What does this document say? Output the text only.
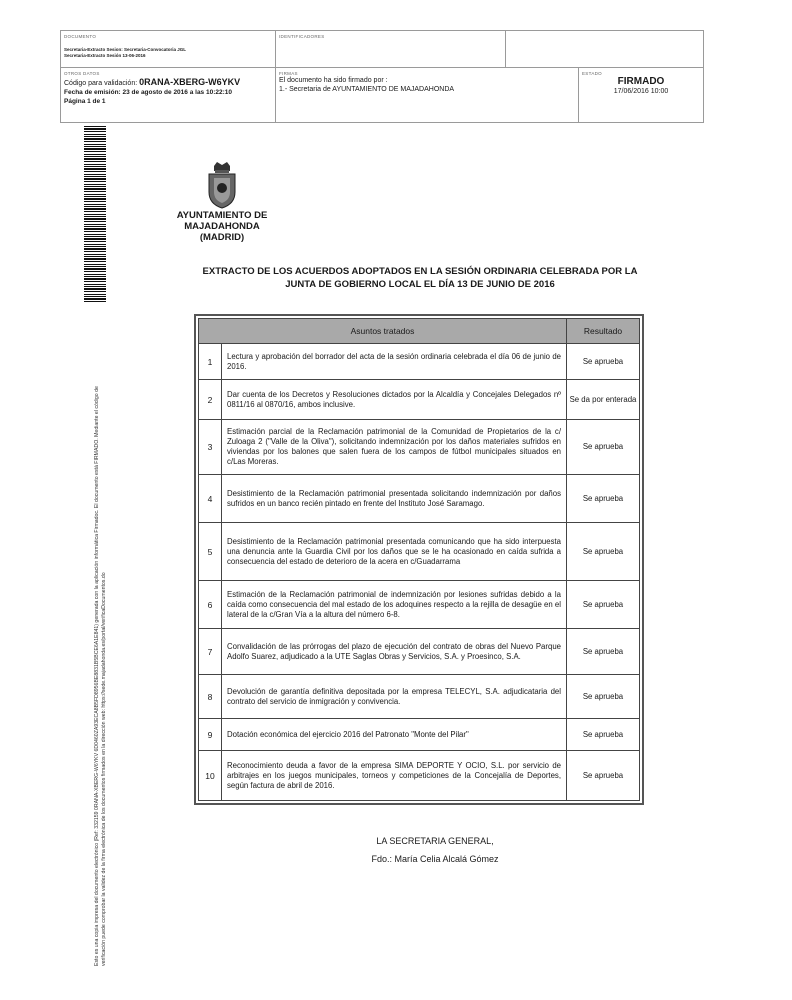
DOCUMENTO
Secretaria-Extracto Sesion: Secretaria-Convocatoria JGL
Secretaria-Extracto Sesión 13-06-2016
IDENTIFICADORES
OTROS DATOS
Código para validación: 0RANA-XBERG-W6YKV
Fecha de emisión: 23 de agosto de 2016 a las 10:22:10
Página 1 de 1
FIRMAS
El documento ha sido firmado por :
1.- Secretaria de AYUNTAMIENTO DE MAJADAHONDA
ESTADO
FIRMADO
17/06/2016 10:00
Esto es una copia impresa del documento electrónico (Ref: 332159 0RANA-XBERG-W6YKV 6D0460ZA93ECA8B5FD8956BE8831B5BCE6A1E841) generada con la aplicación informática Firmadoc. El documento está FIRMADO. Mediante el código de verificación puede comprobar la validez de la firma electrónica de los documentos firmados en la dirección web: https://sede.majadahonda.es/portal/verificaDocumentos.do
AYUNTAMIENTO DE
MAJADAHONDA
(MADRID)
EXTRACTO DE LOS ACUERDOS ADOPTADOS EN LA SESIÓN ORDINARIA CELEBRADA POR LA
JUNTA DE GOBIERNO LOCAL EL DÍA 13 DE JUNIO DE 2016
Asuntos tratados		Resultado
1	Lectura y aprobación del borrador del acta de la sesión ordinaria celebrada el día 06 de junio de 2016.	Se aprueba
2	Dar cuenta de los Decretos y Resoluciones dictados por la Alcaldía y Concejales Delegados nº 0811/16 al 0870/16, ambos inclusive.	Se da por enterada
3	Estimación parcial de la Reclamación patrimonial de la Comunidad de Propietarios de la c/ Zuloaga 2 ("Valle de la Oliva"), solicitando indemnización por los daños materiales sufridos en viviendas por los balones que salen fuera de los campos de fútbol municipales situados en c/Las Moreras.	Se aprueba
4	Desistimiento de la Reclamación patrimonial presentada solicitando indemnización por daños sufridos en un banco recién pintado en frente del Instituto José Saramago.	Se aprueba
5	Desistimiento de la Reclamación patrimonial presentada comunicando que ha sido interpuesta una denuncia ante la Guardia Civil por los daños que se le ha ocasionado en caída sufrida a consecuencia del estado de deterioro de la acera en c/Guadarrama	Se aprueba
6	Estimación de la Reclamación patrimonial de indemnización por lesiones sufridas debido a la caída como consecuencia del mal estado de los adoquines respecto a la rejilla de desagüe en el lateral de la c/Gran Vía a la altura del número 6-8.	Se aprueba
7	Convalidación de las prórrogas del plazo de ejecución del contrato de obras del Nuevo Parque Adolfo Suarez, adjudicado a la UTE Saglas Obras y Servicios, S.A. y Proesinco, S.A.	Se aprueba
8	Devolución de garantía definitiva depositada por la empresa TELECYL, S.A. adjudicataria del contrato del servicio de inmigración y convivencia.	Se aprueba
9	Dotación económica del ejercicio 2016 del Patronato "Monte del Pilar"	Se aprueba
10	Reconocimiento deuda a favor de la empresa SIMA DEPORTE Y OCIO, S.L. por servicio de arbitrajes en los juegos municipales, torneos y competiciones de la Concejalía de Deportes, según factura de abril de 2016.	Se aprueba
LA SECRETARIA GENERAL,
Fdo.: María Celia Alcalá Gómez
